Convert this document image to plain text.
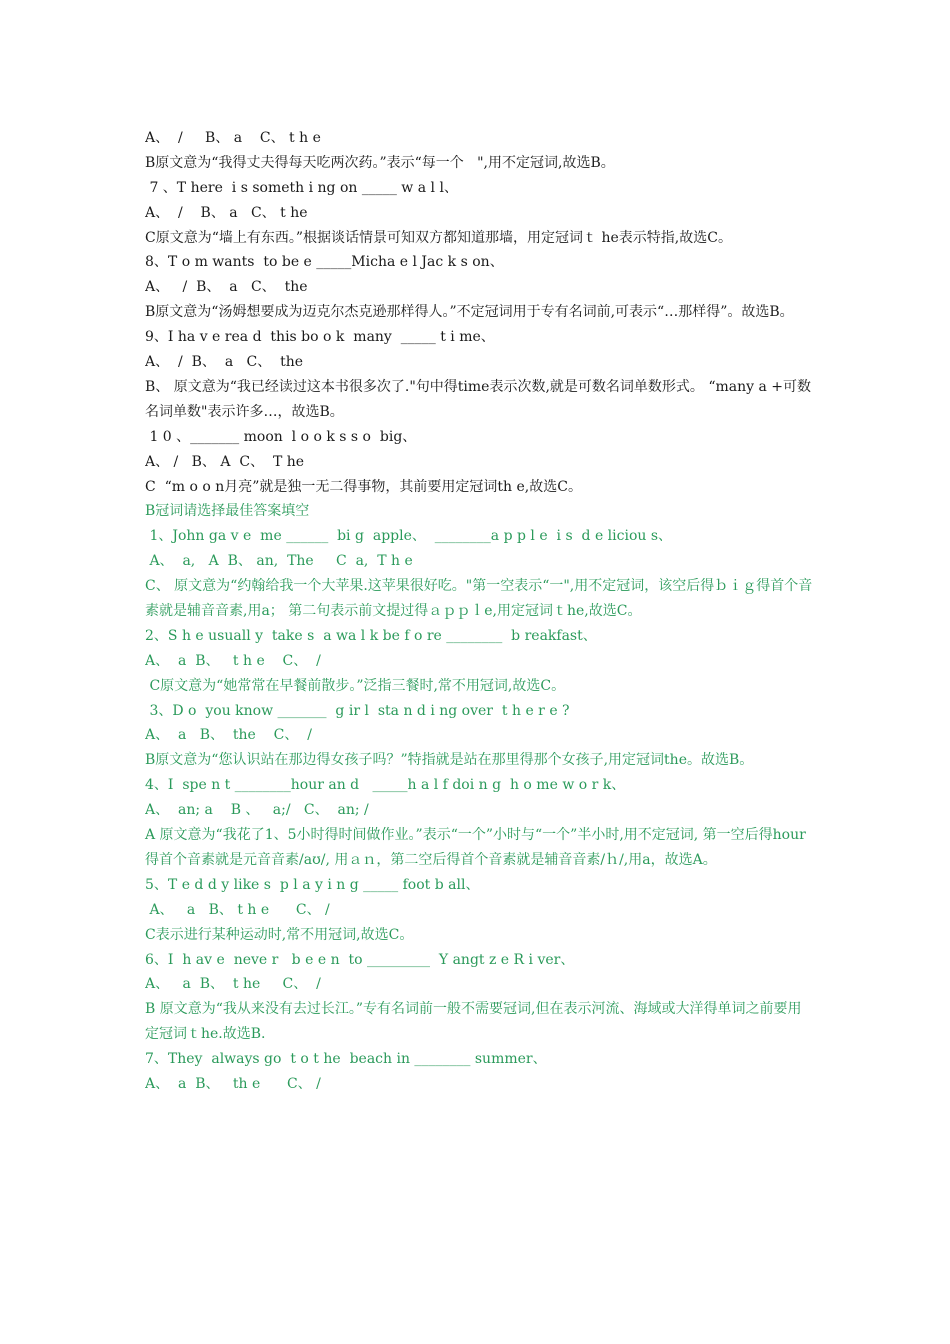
A、  /     B、 a    C、 t h e
B原文意为“我得丈夫得每天吃两次药。”表示“每一个   ",用不定冠词,故选B。
7 、T here  i s someth i ng on _____ w a l l、
A、  /    B、 a   C、 t he
C原文意为“墙上有东西。”根据谈话情景可知双方都知道那墙，用定冠词ｔ he表示特指,故选C。
8、T o m wants  to be e _____Micha e l Jac k s on、
A、   /  B、  a   C、  the
B原文意为“汤姆想要成为迈克尔杰克逊那样得人。”不定冠词用于专有名词前,可表示“…那样得”。故选B。
9、I ha v e rea d  this bo o k  many  _____ t i me、
A、  /  B、  a   C、  the
B、 原文意为“我已经读过这本书很多次了."句中得time表示次数,就是可数名词单数形式。 “many a +可数名词单数"表示许多…，故选B。
1 0 、_______ moon  l o o k s s o  big、
A、 /   B、 A  C、  T he
C  “m o o n月亮”就是独一无二得事物，其前要用定冠词th e,故选C。
B冠词请选择最佳答案填空
1、John ga v e  me ______  bi g  apple、  ________a p p l e  i s  d e liciou s、
A、  a,   A  B、 an,  The     C  a,  T h e
C、 原文意为“约翰给我一个大苹果.这苹果很好吃。"第一空表示“一",用不定冠词，该空后得ｂｉｇ得首个音素就是辅音音素,用a； 第二句表示前文提过得ａｐｐｌe,用定冠词ｔhe,故选C。
2、S h e usuall y  take s  a wa l k be f o re ________  b reakfast、
A、  a  B、   t h e    C、  /
C原文意为“她常常在早餐前散步。”泛指三餐时,常不用冠词,故选C。
3、D o  you know _______  g ir l  sta n d i ng over  t h e r e ?
A、  a   B、  the    C、  /
B原文意为“您认识站在那边得女孩子吗？”特指就是站在那里得那个女孩子,用定冠词the。故选B。
4、I  spe n t ________hour an d   _____h a l f doi n g  h o me w o r k、
A、  an; a    B 、   a;/   C、  an; /
A 原文意为“我花了1、5小时得时间做作业。”表示“一个”小时与“一个”半小时,用不定冠词, 第一空后得hour得首个音素就是元音音素/aʊ/, 用ａｎ，第二空后得首个音素就是辅音音素/ｈ/,用a，故选A。
5、T e d d y like s  p l a y i n g _____ foot b all、
A、   a   B、 t h e      C、 /
C表示进行某种运动时,常不用冠词,故选C。
6、I  h av e  neve r   b e e n  to _________  Y angt z e R i ver、
A、   a  B、  t he     C、  /
B 原文意为“我从来没有去过长江。”专有名词前一般不需要冠词,但在表示河流、海域或大洋得单词之前要用定冠词ｔhe.故选B.
7、They  always go  t o t he  beach in ________ summer、
A、  a  B、   th e      C、 /
